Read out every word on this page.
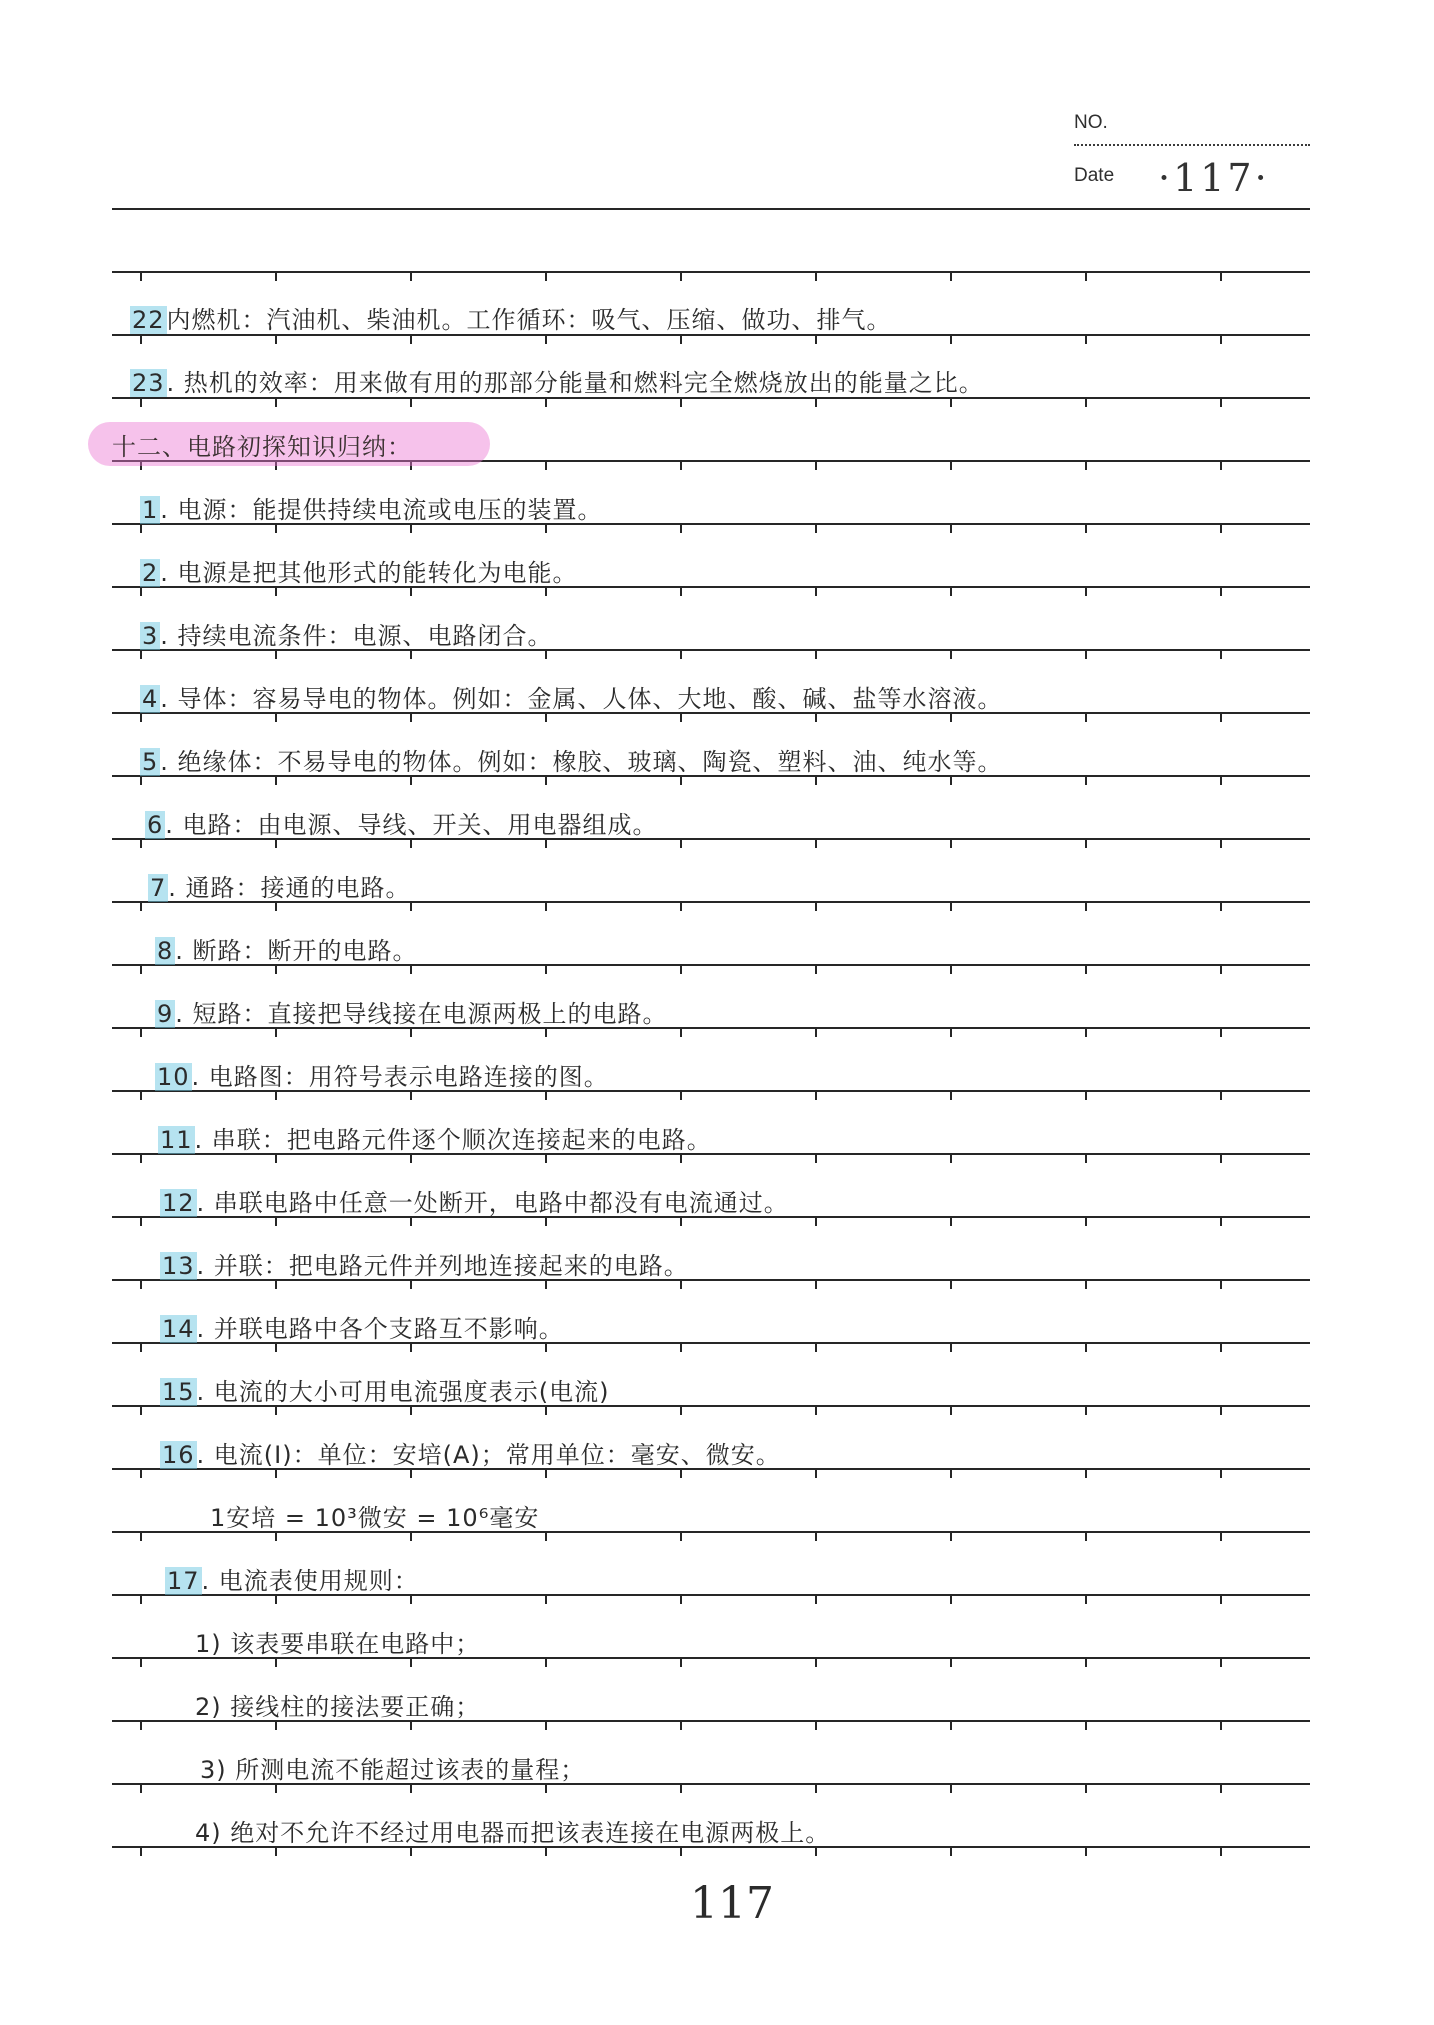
NO.
Date ·117·
22内燃机：汽油机、柴油机。工作循环：吸气、压缩、做功、排气。
23. 热机的效率：用来做有用的那部分能量和燃料完全燃烧放出的能量之比。
十二、电路初探知识归纳：
1. 电源：能提供持续电流或电压的装置。
2. 电源是把其他形式的能转化为电能。
3. 持续电流条件：电源、电路闭合。
4. 导体：容易导电的物体。例如：金属、人体、大地、酸、碱、盐等水溶液。
5. 绝缘体：不易导电的物体。例如：橡胶、玻璃、陶瓷、塑料、油、纯水等。
6. 电路：由电源、导线、开关、用电器组成。
7. 通路：接通的电路。
8. 断路：断开的电路。
9. 短路：直接把导线接在电源两极上的电路。
10. 电路图：用符号表示电路连接的图。
11. 串联：把电路元件逐个顺次连接起来的电路。
12. 串联电路中任意一处断开，电路中都没有电流通过。
13. 并联：把电路元件并列地连接起来的电路。
14. 并联电路中各个支路互不影响。
15. 电流的大小可用电流强度表示(电流)
16. 电流(I)：单位：安培(A)；常用单位：毫安、微安。
1安培 = 10³微安 = 10⁶毫安
17. 电流表使用规则：
1) 该表要串联在电路中；
2) 接线柱的接法要正确；
3) 所测电流不能超过该表的量程；
4) 绝对不允许不经过用电器而把该表连接在电源两极上。
117
